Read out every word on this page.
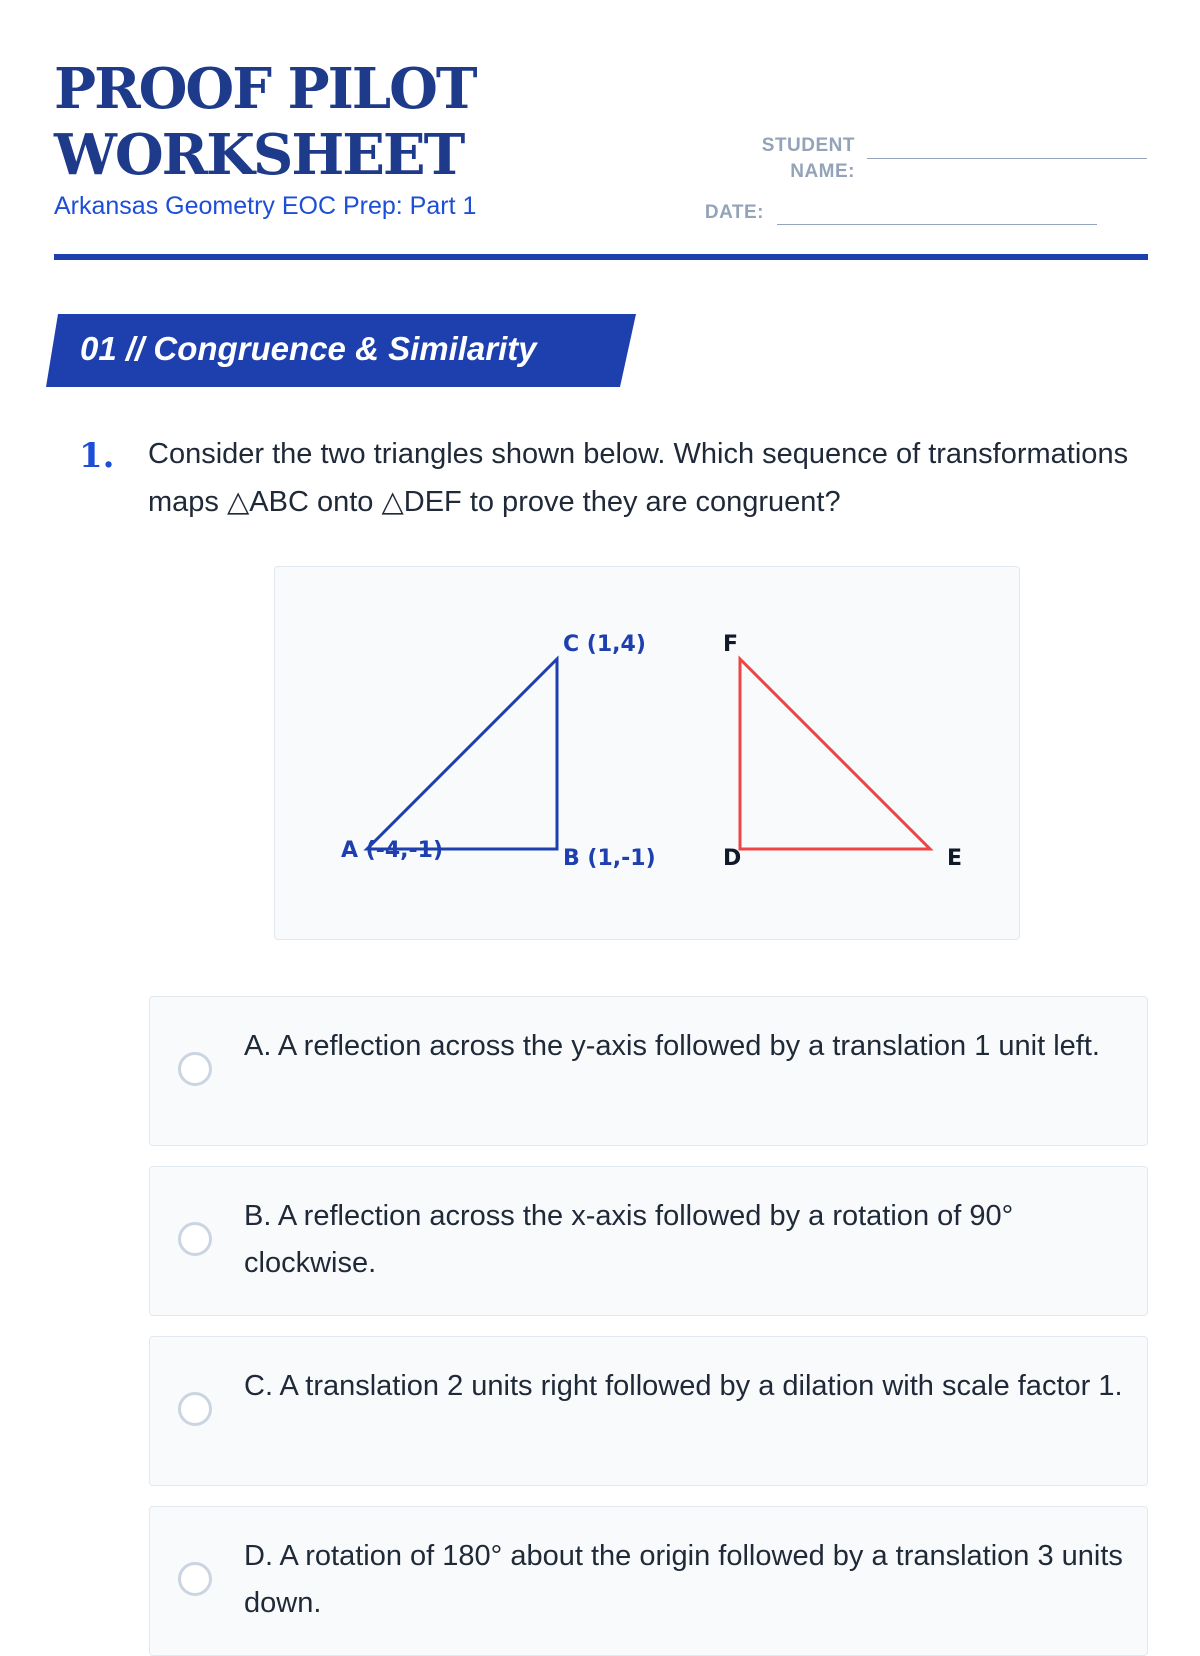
PROOF PILOT
WORKSHEET
Arkansas Geometry EOC Prep: Part 1
STUDENT
NAME:
DATE:
01 // Congruence & Similarity
1. Consider the two triangles shown below. Which sequence of transformations maps △ABC onto △DEF to prove they are congruent?
C (1,4)
A (-4,-1)	B (1,-1)
F
D	E
A. A reflection across the y-axis followed by a translation 1 unit left.
B. A reflection across the x-axis followed by a rotation of 90° clockwise.
C. A translation 2 units right followed by a dilation with scale factor 1.
D. A rotation of 180° about the origin followed by a translation 3 units down.
